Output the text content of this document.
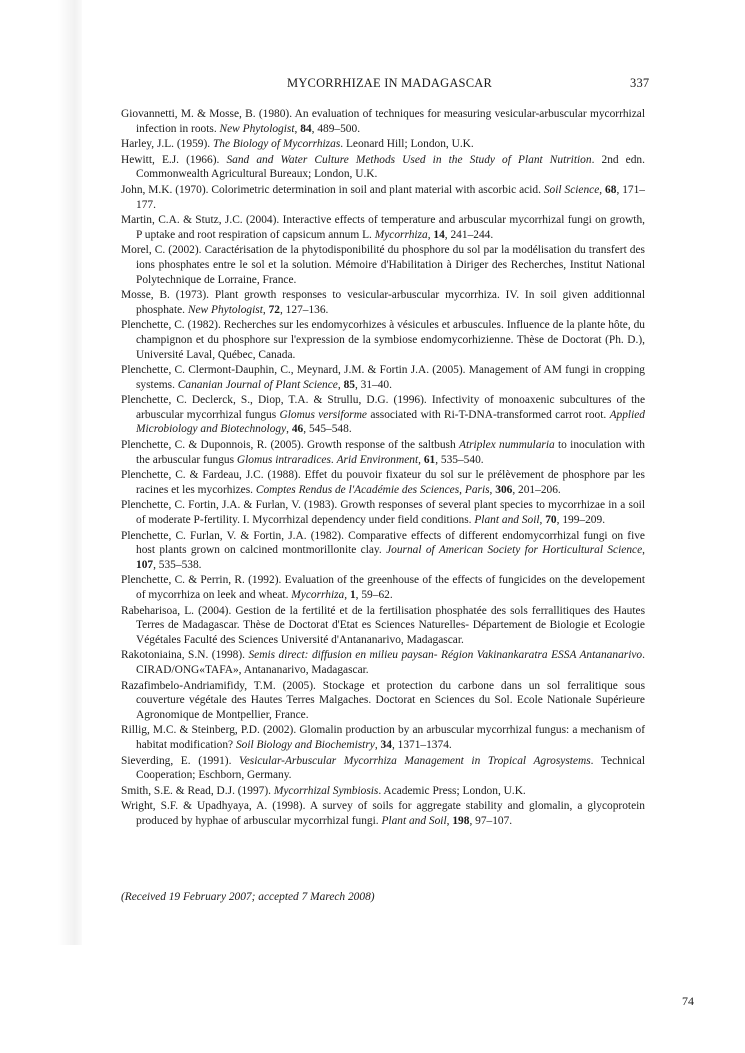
MYCORRHIZAE IN MADAGASCAR	337
Giovannetti, M. & Mosse, B. (1980). An evaluation of techniques for measuring vesicular-arbuscular mycorrhizal infection in roots. New Phytologist, 84, 489–500.
Harley, J.L. (1959). The Biology of Mycorrhizas. Leonard Hill; London, U.K.
Hewitt, E.J. (1966). Sand and Water Culture Methods Used in the Study of Plant Nutrition. 2nd edn. Commonwealth Agricultural Bureaux; London, U.K.
John, M.K. (1970). Colorimetric determination in soil and plant material with ascorbic acid. Soil Science, 68, 171–177.
Martin, C.A. & Stutz, J.C. (2004). Interactive effects of temperature and arbuscular mycorrhizal fungi on growth, P uptake and root respiration of capsicum annum L. Mycorrhiza, 14, 241–244.
Morel, C. (2002). Caractérisation de la phytodisponibilité du phosphore du sol par la modélisation du transfert des ions phosphates entre le sol et la solution. Mémoire d'Habilitation à Diriger des Recherches, Institut National Polytechnique de Lorraine, France.
Mosse, B. (1973). Plant growth responses to vesicular-arbuscular mycorrhiza. IV. In soil given additionnal phosphate. New Phytologist, 72, 127–136.
Plenchette, C. (1982). Recherches sur les endomycorhizes à vésicules et arbuscules. Influence de la plante hôte, du champignon et du phosphore sur l'expression de la symbiose endomycorhizienne. Thèse de Doctorat (Ph. D.), Université Laval, Québec, Canada.
Plenchette, C. Clermont-Dauphin, C., Meynard, J.M. & Fortin J.A. (2005). Management of AM fungi in cropping systems. Cananian Journal of Plant Science, 85, 31–40.
Plenchette, C. Declerck, S., Diop, T.A. & Strullu, D.G. (1996). Infectivity of monoaxenic subcultures of the arbuscular mycorrhizal fungus Glomus versiforme associated with Ri-T-DNA-transformed carrot root. Applied Microbiology and Biotechnology, 46, 545–548.
Plenchette, C. & Duponnois, R. (2005). Growth response of the saltbush Atriplex nummularia to inoculation with the arbuscular fungus Glomus intraradices. Arid Environment, 61, 535–540.
Plenchette, C. & Fardeau, J.C. (1988). Effet du pouvoir fixateur du sol sur le prélèvement de phosphore par les racines et les mycorhizes. Comptes Rendus de l'Académie des Sciences, Paris, 306, 201–206.
Plenchette, C. Fortin, J.A. & Furlan, V. (1983). Growth responses of several plant species to mycorrhizae in a soil of moderate P-fertility. I. Mycorrhizal dependency under field conditions. Plant and Soil, 70, 199–209.
Plenchette, C. Furlan, V. & Fortin, J.A. (1982). Comparative effects of different endomycorrhizal fungi on five host plants grown on calcined montmorillonite clay. Journal of American Society for Horticultural Science, 107, 535–538.
Plenchette, C. & Perrin, R. (1992). Evaluation of the greenhouse of the effects of fungicides on the developement of mycorrhiza on leek and wheat. Mycorrhiza, 1, 59–62.
Rabeharisoa, L. (2004). Gestion de la fertilité et de la fertilisation phosphatée des sols ferrallitiques des Hautes Terres de Madagascar. Thèse de Doctorat d'Etat es Sciences Naturelles- Département de Biologie et Ecologie Végétales Faculté des Sciences Université d'Antananarivo, Madagascar.
Rakotoniaina, S.N. (1998). Semis direct: diffusion en milieu paysan- Région Vakinankaratra ESSA Antananarivo. CIRAD/ONG«TAFA», Antananarivo, Madagascar.
Razafimbelo-Andriamifidy, T.M. (2005). Stockage et protection du carbone dans un sol ferralitique sous couverture végétale des Hautes Terres Malgaches. Doctorat en Sciences du Sol. Ecole Nationale Supérieure Agronomique de Montpellier, France.
Rillig, M.C. & Steinberg, P.D. (2002). Glomalin production by an arbuscular mycorrhizal fungus: a mechanism of habitat modification? Soil Biology and Biochemistry, 34, 1371–1374.
Sieverding, E. (1991). Vesicular-Arbuscular Mycorrhiza Management in Tropical Agrosystems. Technical Cooperation; Eschborn, Germany.
Smith, S.E. & Read, D.J. (1997). Mycorrhizal Symbiosis. Academic Press; London, U.K.
Wright, S.F. & Upadhyaya, A. (1998). A survey of soils for aggregate stability and glomalin, a glycoprotein produced by hyphae of arbuscular mycorrhizal fungi. Plant and Soil, 198, 97–107.
(Received 19 February 2007; accepted 7 Marech 2008)
74
